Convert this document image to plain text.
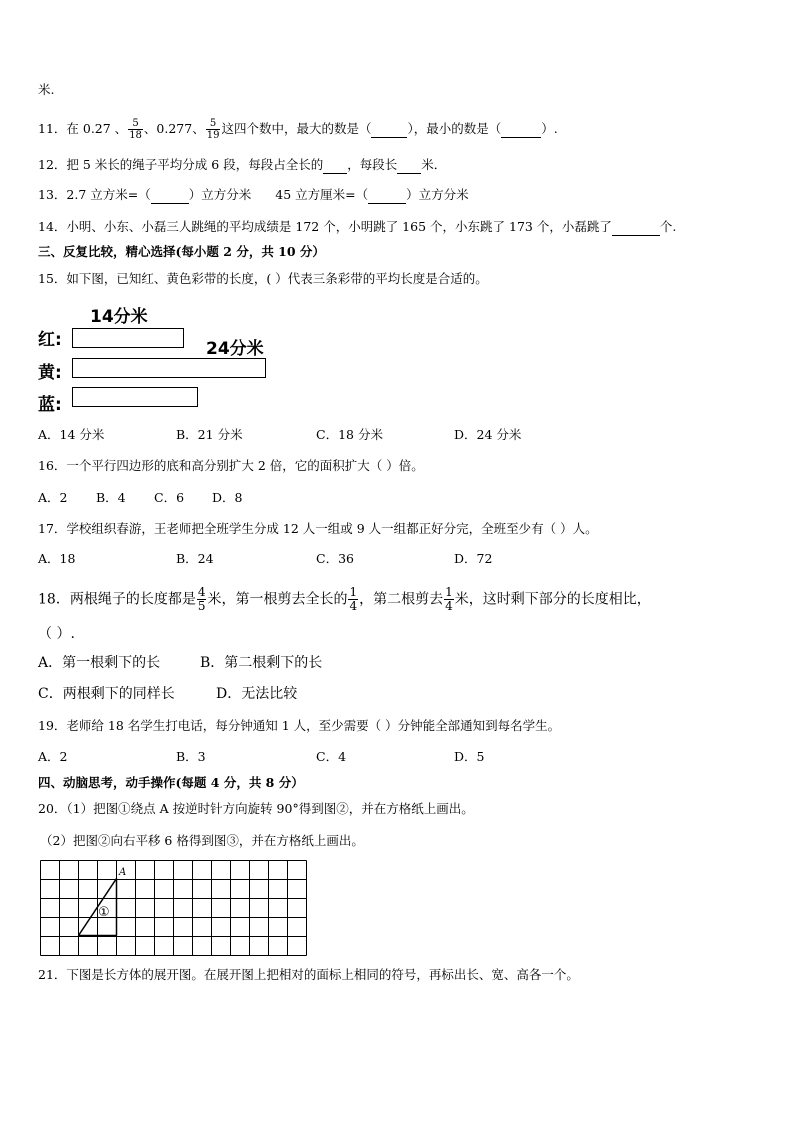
米.
11．在 0.27 、 $\frac{5}{18}$ 、0.277、 $\frac{5}{19}$ 这四个数中，最大的数是（	），最小的数是（	）.
12．把 5 米长的绳子平均分成 6 段，每段占全长的 ，每段长 米．
13．2.7 立方米=（	）立方分米 45 立方厘米=（	）立方分米
14．小明、小东、小磊三人跳绳的平均成绩是 172 个，小明跳了 165 个，小东跳了 173 个，小磊跳了	个.
三、反复比较，精心选择(每小题 2 分，共 10 分）
15．如下图，已知红、黄色彩带的长度，( ）代表三条彩带的平均长度是合适的。
14分米
红:	24分米
黄:
蓝:
A．14 分米	B．21 分米	C．18 分米	D．24 分米
16．一个平行四边形的底和高分别扩大 2 倍，它的面积扩大（ ）倍。
A．2 B．4 C．6 D．8
17．学校组织春游，王老师把全班学生分成 12 人一组或 9 人一组都正好分完，全班至少有（ ）人。
A．18	B．24	C．36	D．72
18．两根绳子的长度都是 $\frac{4}{5}$ 米，第一根剪去全长的 $\frac{1}{4}$ ，第二根剪去 $\frac{1}{4}$ 米，这时剩下部分的长度相比，
（ ）.
A．第一根剩下的长	B．第二根剩下的长
C．两根剩下的同样长	D．无法比较
19．老师给 18 名学生打电话，每分钟通知 1 人，至少需要（ ）分钟能全部通知到每名学生。
A．2	B．3	C．4	D．5
四、动脑思考，动手操作(每题 4 分，共 8 分）
20．（1）把图①绕点 A 按逆时针方向旋转 90°得到图②，并在方格纸上画出。
（2）把图②向右平移 6 格得到图③，并在方格纸上画出。
A
①
21．下图是长方体的展开图。在展开图上把相对的面标上相同的符号，再标出长、宽、高各一个。
